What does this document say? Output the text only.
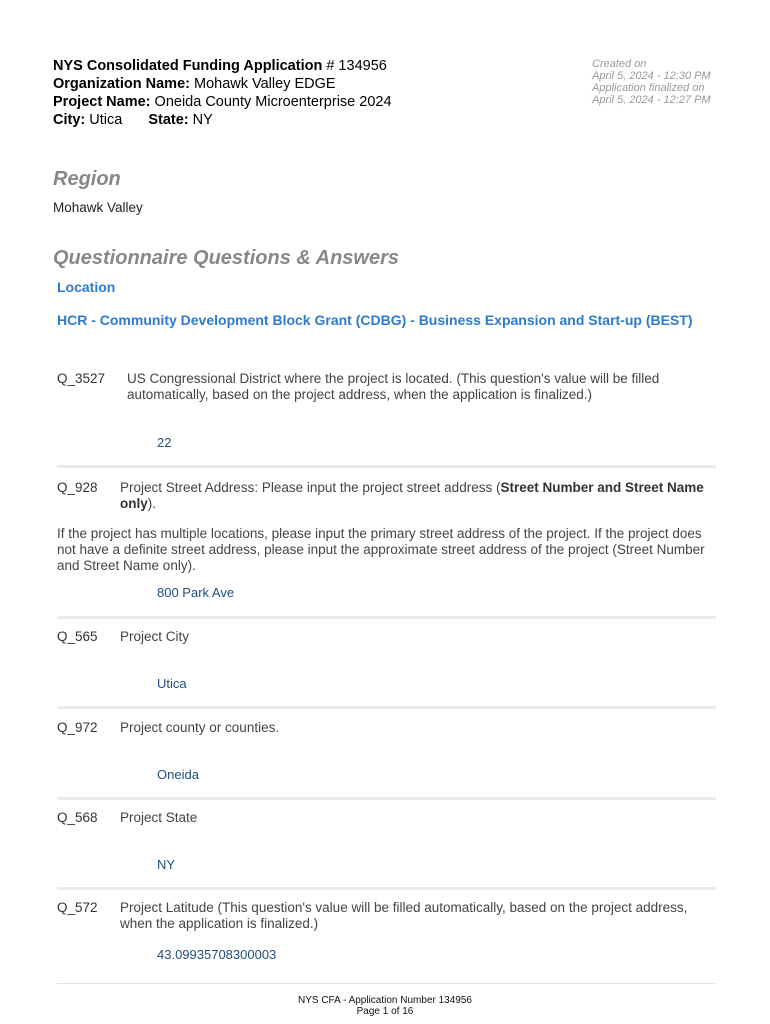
NYS Consolidated Funding Application # 134956
Organization Name: Mohawk Valley EDGE
Project Name: Oneida County Microenterprise 2024
City: Utica State: NY
Created on
April 5, 2024 - 12:30 PM
Application finalized on
April 5, 2024 - 12:27 PM
Region
Mohawk Valley
Questionnaire Questions & Answers
Location
HCR - Community Development Block Grant (CDBG) - Business Expansion and Start-up (BEST)
Q_3527 US Congressional District where the project is located. (This question's value will be filled automatically, based on the project address, when the application is finalized.)
22
Q_928 Project Street Address: Please input the project street address (Street Number and Street Name only).
If the project has multiple locations, please input the primary street address of the project. If the project does not have a definite street address, please input the approximate street address of the project (Street Number and Street Name only).
800 Park Ave
Q_565 Project City
Utica
Q_972 Project county or counties.
Oneida
Q_568 Project State
NY
Q_572 Project Latitude (This question's value will be filled automatically, based on the project address, when the application is finalized.)
43.09935708300003
NYS CFA - Application Number 134956
Page 1 of 16
